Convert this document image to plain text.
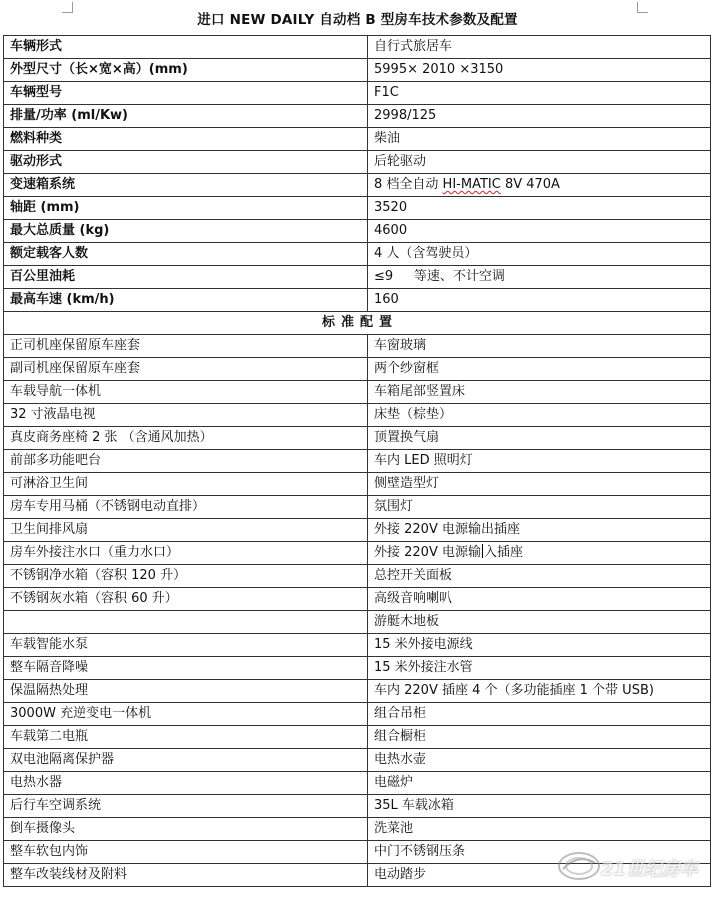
进口 NEW DAILY 自动档 B 型房车技术参数及配置
车辆形式	自行式旅居车
外型尺寸（长×宽×高）(mm)	5995× 2010 ×3150
车辆型号	F1C
排量/功率 (ml/Kw)	2998/125
燃料种类	柴油
驱动形式	后轮驱动
变速箱系统	8 档全自动 HI-MATIC 8V 470A
轴距 (mm)	3520
最大总质量 (kg)	4600
额定载客人数	4 人（含驾驶员）
百公里油耗	≤9     等速、不计空调
最高车速 (km/h)	160
标准配置	
正司机座保留原车座套	车窗玻璃
副司机座保留原车座套	两个纱窗框
车载导航一体机	车箱尾部竖置床
32 寸液晶电视	床垫（棕垫）
真皮商务座椅 2 张 （含通风加热）	顶置换气扇
前部多功能吧台	车内 LED 照明灯
可淋浴卫生间	侧壁造型灯
房车专用马桶（不锈钢电动直排）	氛围灯
卫生间排风扇	外接 220V 电源输出插座
房车外接注水口（重力水口）	外接 220V 电源输 入插座
不锈钢净水箱（容积 120 升）	总控开关面板
不锈钢灰水箱（容积 60 升）	高级音响喇叭
	游艇木地板
车载智能水泵	15 米外接电源线
整车隔音降噪	15 米外接注水管
保温隔热处理	车内 220V 插座 4 个（多功能插座 1 个带 USB)
3000W 充逆变电一体机	组合吊柜
车载第二电瓶	组合橱柜
双电池隔离保护器	电热水壶
电热水器	电磁炉
后行车空调系统	35L 车载冰箱
倒车摄像头	洗菜池
整车软包内饰	中门不锈钢压条
整车改装线材及附料	电动踏步	21世纪房车
